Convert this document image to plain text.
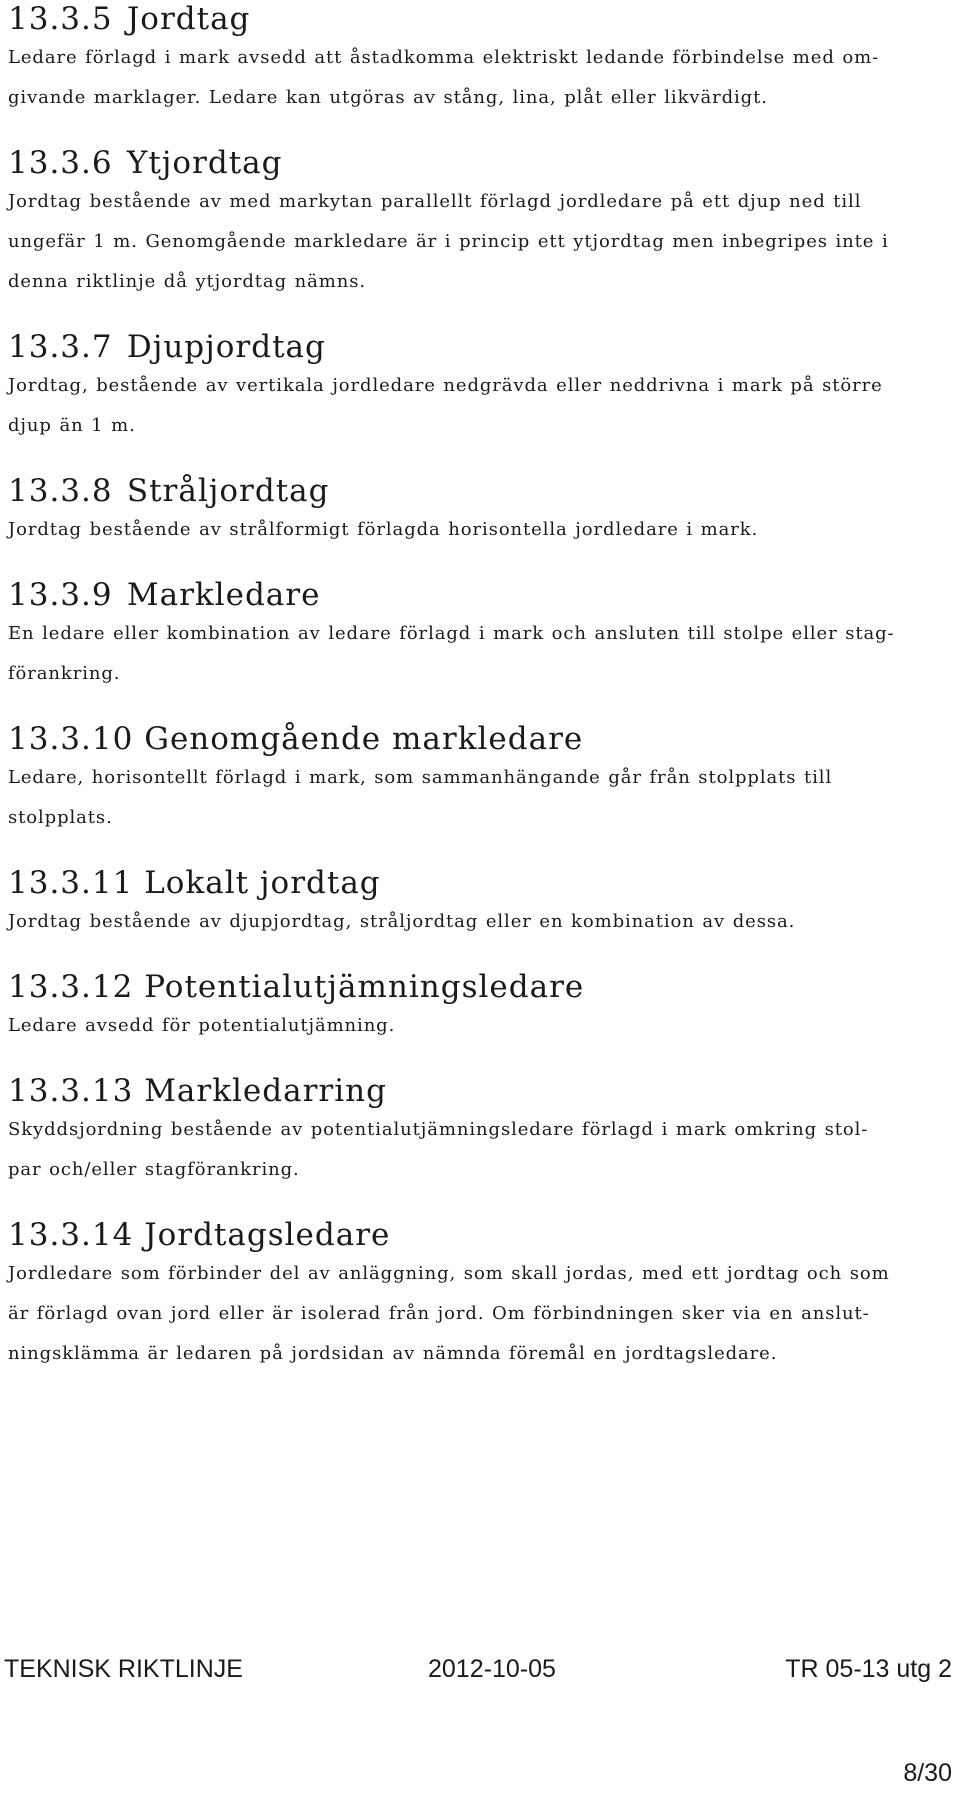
13.3.5 Jordtag

Ledare förlagd i mark avsedd att åstadkomma elektriskt ledande förbindelse med om-

givande marklager. Ledare kan utgöras av stång, lina, plåt eller likvärdigt.

13.3.6 Ytjordtag

Jordtag bestående av med markytan parallellt förlagd jordledare på ett djup ned till

ungefär 1 m. Genomgående markledare är i princip ett ytjordtag men inbegripes inte i

denna riktlinje då ytjordtag nämns.

13.3.7 Djupjordtag

Jordtag, bestående av vertikala jordledare nedgrävda eller neddrivna i mark på större

djup än 1 m.

13.3.8 Stråljordtag

Jordtag bestående av strålformigt förlagda horisontella jordledare i mark.

13.3.9 Markledare

En ledare eller kombination av ledare förlagd i mark och ansluten till stolpe eller stag-

förankring.

13.3.10 Genomgående markledare

Ledare, horisontellt förlagd i mark, som sammanhängande går från stolpplats till

stolpplats.

13.3.11 Lokalt jordtag

Jordtag bestående av djupjordtag, stråljordtag eller en kombination av dessa.

13.3.12 Potentialutjämningsledare

Ledare avsedd för potentialutjämning.

13.3.13 Markledarring

Skyddsjordning bestående av potentialutjämningsledare förlagd i mark omkring stol-

par och/eller stagförankring.

13.3.14 Jordtagsledare

Jordledare som förbinder del av anläggning, som skall jordas, med ett jordtag och som

är förlagd ovan jord eller är isolerad från jord. Om förbindningen sker via en anslut-

ningsklämma är ledaren på jordsidan av nämnda föremål en jordtagsledare.

TEKNISK RIKTLINJE	2012-10-05	TR 05-13 utg 2
8/30
